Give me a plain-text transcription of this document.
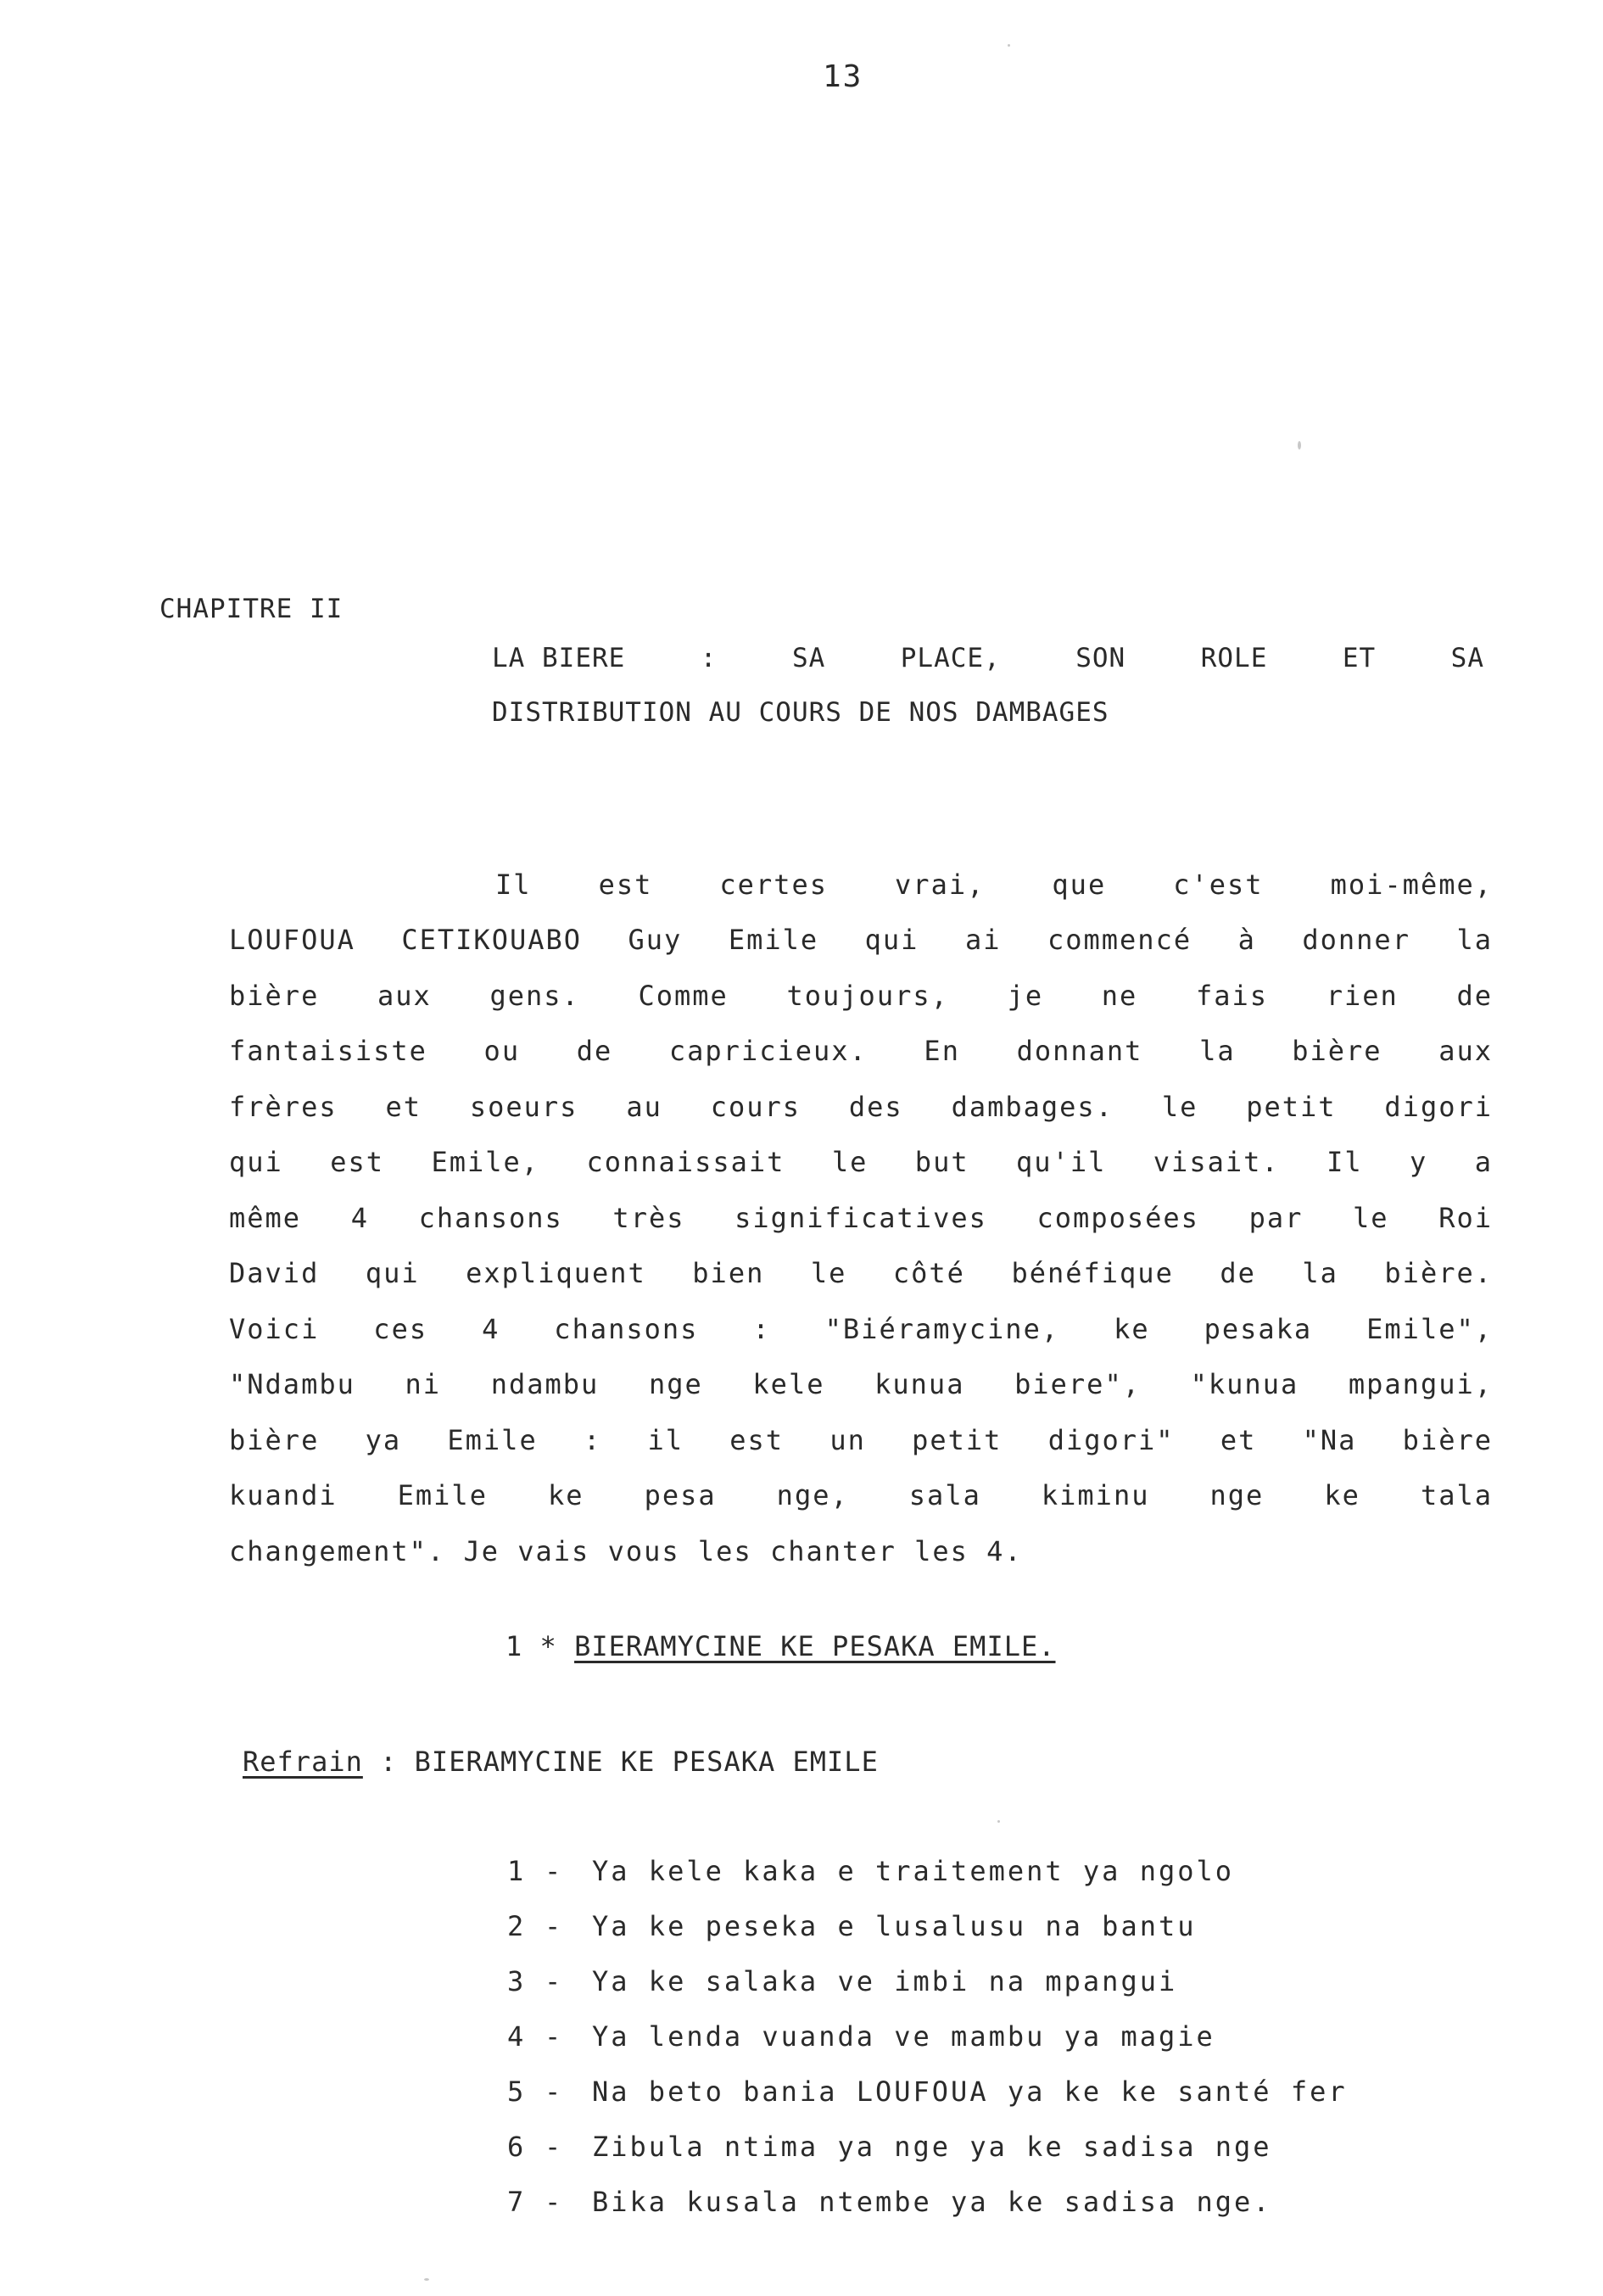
13
CHAPITRE II
LA BIERE	:	SA	PLACE,	SON	ROLE	ET	SA
DISTRIBUTION AU COURS DE NOS DAMBAGES
Il est certes vrai, que c'est moi-même,
LOUFOUA CETIKOUABO Guy Emile qui ai commencé à donner la
bière aux gens. Comme toujours, je ne fais rien de
fantaisiste ou de capricieux. En donnant la bière aux
frères et soeurs au cours des dambages. le petit digori
qui est Emile, connaissait le but qu'il visait. Il y a
même 4 chansons très significatives composées par le Roi
David qui expliquent bien le côté bénéfique de la bière.
Voici ces 4 chansons : "Biéramycine, ke pesaka Emile",
"Ndambu ni ndambu nge kele kunua biere", "kunua mpangui,
bière ya Emile : il est un petit digori" et "Na bière
kuandi Emile ke pesa nge, sala kiminu nge ke tala
changement". Je vais vous les chanter les 4.
1 * BIERAMYCINE KE PESAKA EMILE.
Refrain : BIERAMYCINE KE PESAKA EMILE
1 -	Ya kele kaka e traitement ya ngolo
2 -	Ya ke peseka e lusalusu na bantu
3 -	Ya ke salaka ve imbi na mpangui
4 -	Ya lenda vuanda ve mambu ya magie
5 -	Na beto bania LOUFOUA ya ke ke santé fer
6 -	Zibula ntima ya nge ya ke sadisa nge
7 -	Bika kusala ntembe ya ke sadisa nge.
